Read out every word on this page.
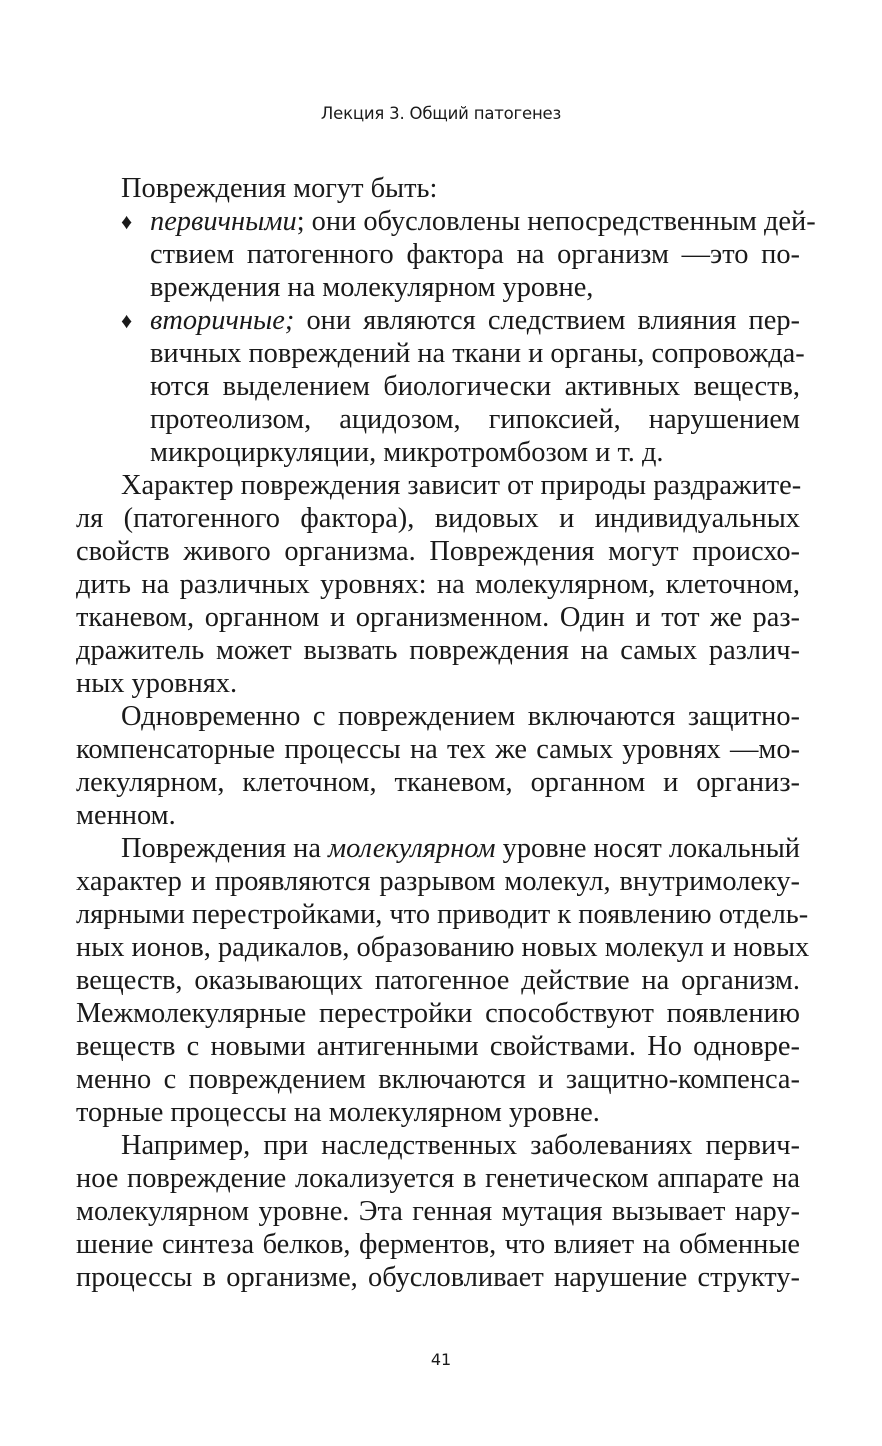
Лекция 3. Общий патогенез
Повреждения могут быть:
♦ первичными; они обусловлены непосредственным дей-
ствием патогенного фактора на организм —это по-
вреждения на молекулярном уровне,
♦ вторичные; они являются следствием влияния пер-
вичных повреждений на ткани и органы, сопровожда-
ются выделением биологически активных веществ,
протеолизом, ацидозом, гипоксией, нарушением
микроциркуляции, микротромбозом и т. д.
Характер повреждения зависит от природы раздражите-
ля (патогенного фактора), видовых и индивидуальных
свойств живого организма. Повреждения могут происхо-
дить на различных уровнях: на молекулярном, клеточном,
тканевом, органном и организменном. Один и тот же раз-
дражитель может вызвать повреждения на самых различ-
ных уровнях.
Одновременно с повреждением включаются защитно-
компенсаторные процессы на тех же самых уровнях —мо-
лекулярном, клеточном, тканевом, органном и организ-
менном.
Повреждения на молекулярном уровне носят локальный
характер и проявляются разрывом молекул, внутримолеку-
лярными перестройками, что приводит к появлению отдель-
ных ионов, радикалов, образованию новых молекул и новых
веществ, оказывающих патогенное действие на организм.
Межмолекулярные перестройки способствуют появлению
веществ с новыми антигенными свойствами. Но одновре-
менно с повреждением включаются и защитно-компенса-
торные процессы на молекулярном уровне.
Например, при наследственных заболеваниях первич-
ное повреждение локализуется в генетическом аппарате на
молекулярном уровне. Эта генная мутация вызывает нару-
шение синтеза белков, ферментов, что влияет на обменные
процессы в организме, обусловливает нарушение структу-
41
